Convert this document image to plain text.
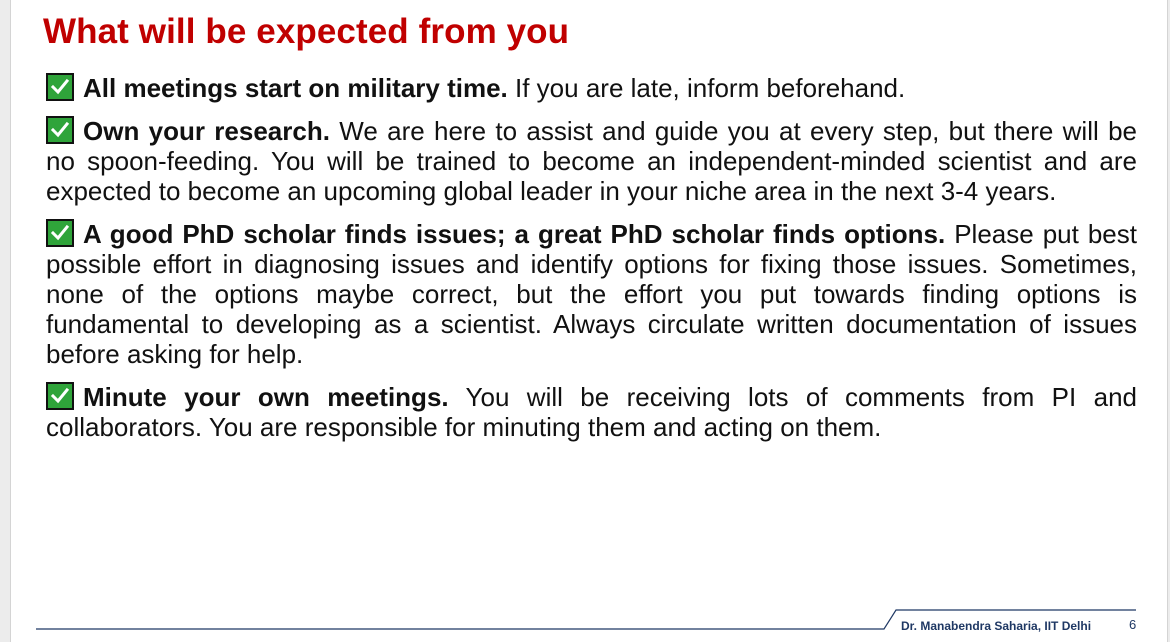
What will be expected from you

All meetings start on military time. If you are late, inform beforehand.

Own your research. We are here to assist and guide you at every step, but there will be no spoon-feeding. You will be trained to become an independent-minded scientist and are expected to become an upcoming global leader in your niche area in the next 3-4 years.

A good PhD scholar finds issues; a great PhD scholar finds options. Please put best possible effort in diagnosing issues and identify options for fixing those issues. Sometimes, none of the options maybe correct, but the effort you put towards finding options is fundamental to developing as a scientist. Always circulate written documentation of issues before asking for help.

Minute your own meetings. You will be receiving lots of comments from PI and collaborators. You are responsible for minuting them and acting on them.

Dr. Manabendra Saharia, IIT Delhi	6
